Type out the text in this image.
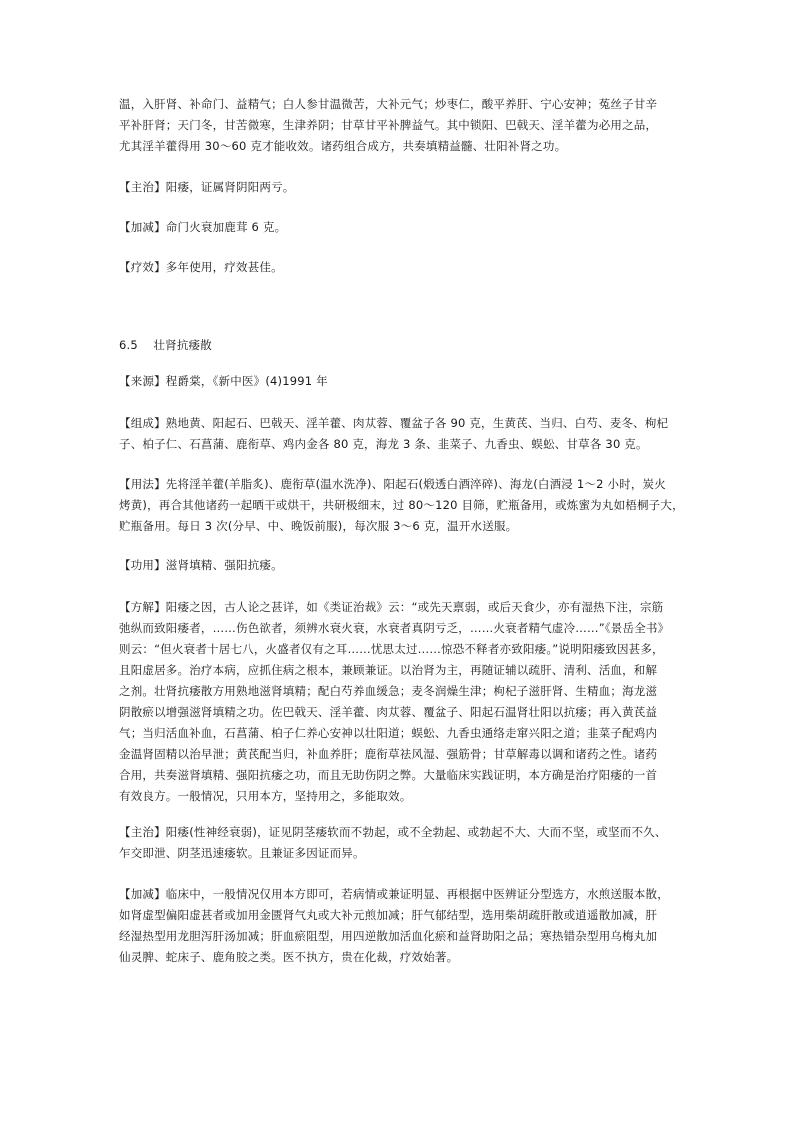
温，入肝肾、补命门、益精气；白人参甘温微苦，大补元气；炒枣仁，酸平养肝、宁心安神；菟丝子甘辛
平补肝肾；天门冬，甘苦微寒，生津养阴；甘草甘平补脾益气。其中锁阳、巴戟天、淫羊藿为必用之品，
尤其淫羊藿得用 30～60 克才能收效。诸药组合成方，共奏填精益髓、壮阳补肾之功。
【主治】阳痿，证属肾阴阳两亏。
【加减】命门火衰加鹿茸 6 克。
【疗效】多年使用，疗效甚佳。
6.5　 壮肾抗痿散
【来源】程爵棠，《新中医》(4)1991 年
【组成】熟地黄、阳起石、巴戟天、淫羊藿、肉苁蓉、覆盆子各 90 克，生黄芪、当归、白芍、麦冬、枸杞
子、柏子仁、石菖蒲、鹿衔草、鸡内金各 80 克，海龙 3 条、韭菜子、九香虫、蜈蚣、甘草各 30 克。
【用法】先将淫羊藿(羊脂炙)、鹿衔草(温水洗净)、阳起石(煅透白酒淬碎)、海龙(白酒浸 1～2 小时，炭火
烤黄)，再合其他诸药一起晒干或烘干，共研极细末，过 80～120 目筛，贮瓶备用，或炼蜜为丸如梧桐子大，
贮瓶备用。每日 3 次(分早、中、晚饭前服)，每次服 3～6 克，温开水送服。
【功用】滋肾填精、强阳抗痿。
【方解】阳痿之因，古人论之甚详，如《类证治裁》云：“或先天禀弱，或后天食少，亦有湿热下注，宗筋
弛纵而致阳痿者，……伤色欲者，须辨水衰火衰，水衰者真阴亏乏，……火衰者精气虚冷……”《景岳全书》
则云：“但火衰者十居七八，火盛者仅有之耳……忧思太过……惊恐不释者亦致阳痿。”说明阳痿致因甚多，
且阳虚居多。治疗本病，应抓住病之根本，兼顾兼证。以治肾为主，再随证辅以疏肝、清利、活血，和解
之剂。壮肾抗痿散方用熟地滋肾填精；配白芍养血缓急；麦冬润燥生津；枸杞子滋肝肾、生精血；海龙滋
阴散瘀以增强滋肾填精之功。佐巴戟天、淫羊藿、肉苁蓉、覆盆子、阳起石温肾壮阳以抗痿；再入黄芪益
气；当归活血补血，石菖蒲、柏子仁养心安神以壮阳道；蜈蚣、九香虫通络走窜兴阳之道；韭菜子配鸡内
金温肾固精以治早泄；黄芪配当归，补血养肝；鹿衔草祛风湿、强筋骨；甘草解毒以调和诸药之性。诸药
合用，共奏滋肾填精、强阳抗痿之功，而且无助伤阴之弊。大量临床实践证明，本方确是治疗阳痿的一首
有效良方。一般情况，只用本方，坚持用之，多能取效。
【主治】阳痿(性神经衰弱)，证见阴茎痿软而不勃起，或不全勃起、或勃起不大、大而不坚，或坚而不久、
乍交即泄、阴茎迅速痿软。且兼证多因证而异。
【加减】临床中，一般情况仅用本方即可，若病情或兼证明显、再根据中医辨证分型选方，水煎送服本散，
如肾虚型偏阳虚甚者或加用金匮肾气丸或大补元煎加减；肝气郁结型，选用柴胡疏肝散或逍遥散加减，肝
经湿热型用龙胆泻肝汤加减；肝血瘀阻型，用四逆散加活血化瘀和益肾助阳之品；寒热错杂型用乌梅丸加
仙灵脾、蛇床子、鹿角胶之类。医不执方，贵在化裁，疗效始著。
